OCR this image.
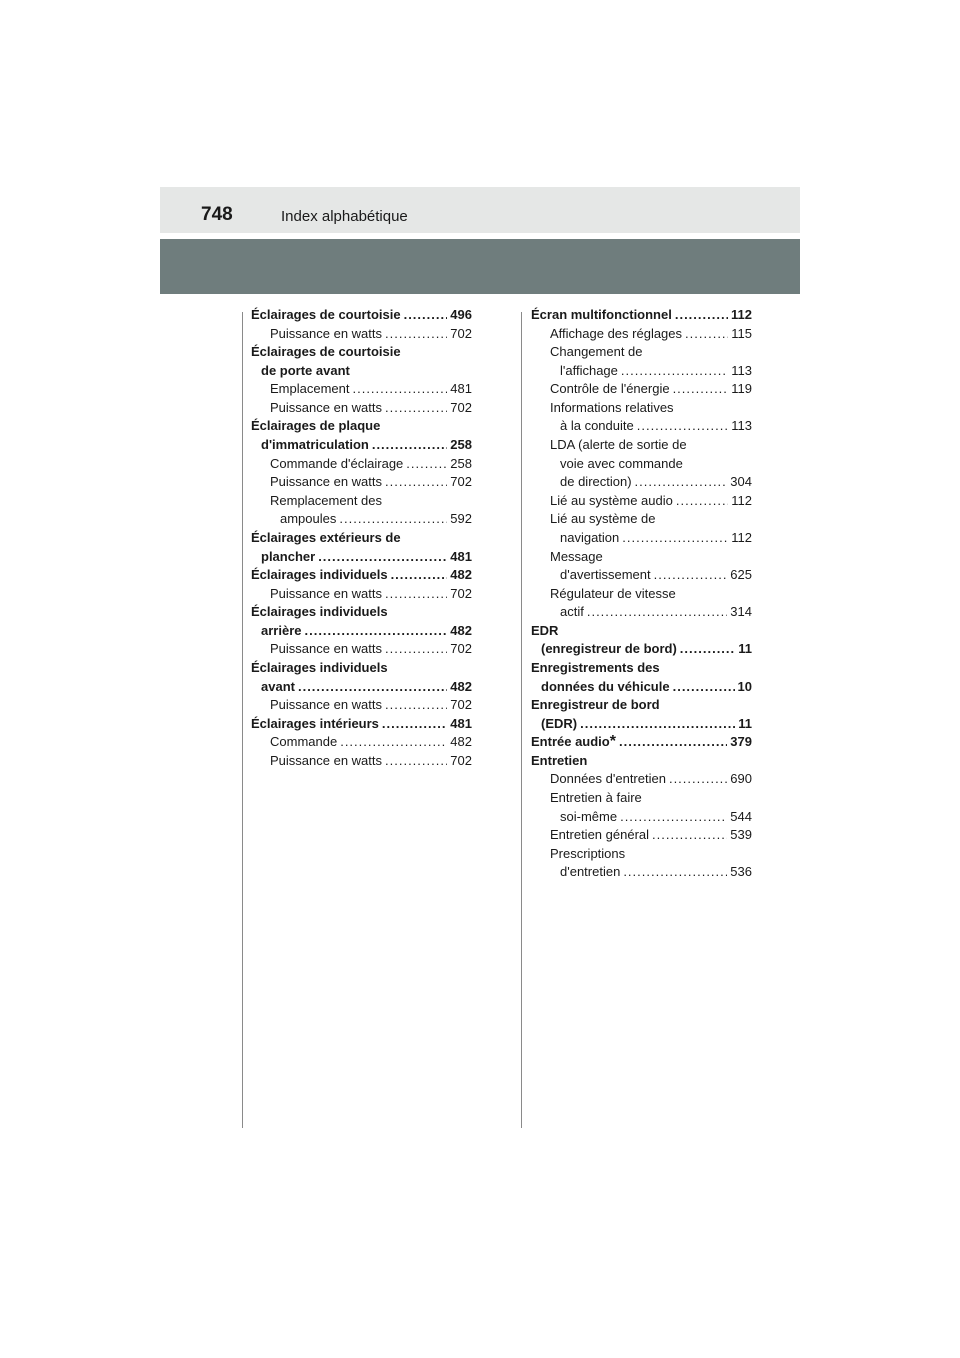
748	Index alphabétique
Éclairages de courtoisie .....	496
Puissance en watts .....	702
Éclairages de courtoisie
de porte avant
Emplacement .....	481
Puissance en watts .....	702
Éclairages de plaque
d'immatriculation .....	258
Commande d'éclairage .....	258
Puissance en watts .....	702
Remplacement des
ampoules .....	592
Éclairages extérieurs de
plancher .....	481
Éclairages individuels .....	482
Puissance en watts .....	702
Éclairages individuels
arrière .....	482
Puissance en watts .....	702
Éclairages individuels
avant .....	482
Puissance en watts .....	702
Éclairages intérieurs .....	481
Commande .....	482
Puissance en watts .....	702
Écran multifonctionnel .....	112
Affichage des réglages .....	115
Changement de
l'affichage .....	113
Contrôle de l'énergie .....	119
Informations relatives
à la conduite .....	113
LDA (alerte de sortie de
voie avec commande
de direction) .....	304
Lié au système audio .....	112
Lié au système de
navigation .....	112
Message
d'avertissement .....	625
Régulateur de vitesse
actif .....	314
EDR
(enregistreur de bord) .....	11
Enregistrements des
données du véhicule .....	10
Enregistreur de bord
(EDR) .....	11
Entrée audio * .....	379
Entretien
Données d'entretien .....	690
Entretien à faire
soi-même .....	544
Entretien général .....	539
Prescriptions
d'entretien .....	536
